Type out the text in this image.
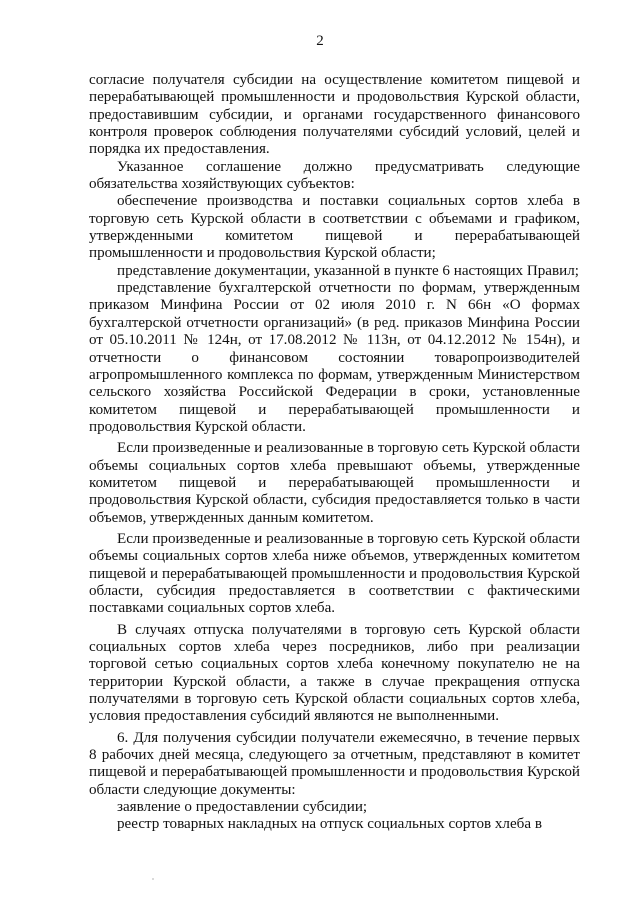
2

согласие получателя субсидии на осуществление комитетом пищевой и перерабатывающей промышленности и продовольствия Курской области, предоставившим субсидии, и органами государственного финансового контроля проверок соблюдения получателями субсидий условий, целей и порядка их предоставления.

Указанное соглашение должно предусматривать следующие обязательства хозяйствующих субъектов:

обеспечение производства и поставки социальных сортов хлеба в торговую сеть Курской области в соответствии с объемами и графиком, утвержденными комитетом пищевой и перерабатывающей промышленности и продовольствия Курской области;

представление документации, указанной в пункте 6 настоящих Правил;

представление бухгалтерской отчетности по формам, утвержденным приказом Минфина России от 02 июля 2010 г. N 66н «О формах бухгалтерской отчетности организаций» (в ред. приказов Минфина России от 05.10.2011 № 124н, от 17.08.2012 № 113н, от 04.12.2012 № 154н), и отчетности о финансовом состоянии товаропроизводителей агропромышленного комплекса по формам, утвержденным Министерством сельского хозяйства Российской Федерации в сроки, установленные комитетом пищевой и перерабатывающей промышленности и продовольствия Курской области.

Если произведенные и реализованные в торговую сеть Курской области объемы социальных сортов хлеба превышают объемы, утвержденные комитетом пищевой и перерабатывающей промышленности и продовольствия Курской области, субсидия предоставляется только в части объемов, утвержденных данным комитетом.

Если произведенные и реализованные в торговую сеть Курской области объемы социальных сортов хлеба ниже объемов, утвержденных комитетом пищевой и перерабатывающей промышленности и продовольствия Курской области, субсидия предоставляется в соответствии с фактическими поставками социальных сортов хлеба.

В случаях отпуска получателями в торговую сеть Курской области социальных сортов хлеба через посредников, либо при реализации торговой сетью социальных сортов хлеба конечному покупателю не на территории Курской области, а также в случае прекращения отпуска получателями в торговую сеть Курской области социальных сортов хлеба, условия предоставления субсидий являются не выполненными.

6. Для получения субсидии получатели ежемесячно, в течение первых 8 рабочих дней месяца, следующего за отчетным, представляют в комитет пищевой и перерабатывающей промышленности и продовольствия Курской области следующие документы:

заявление о предоставлении субсидии;

реестр товарных накладных на отпуск социальных сортов хлеба в
